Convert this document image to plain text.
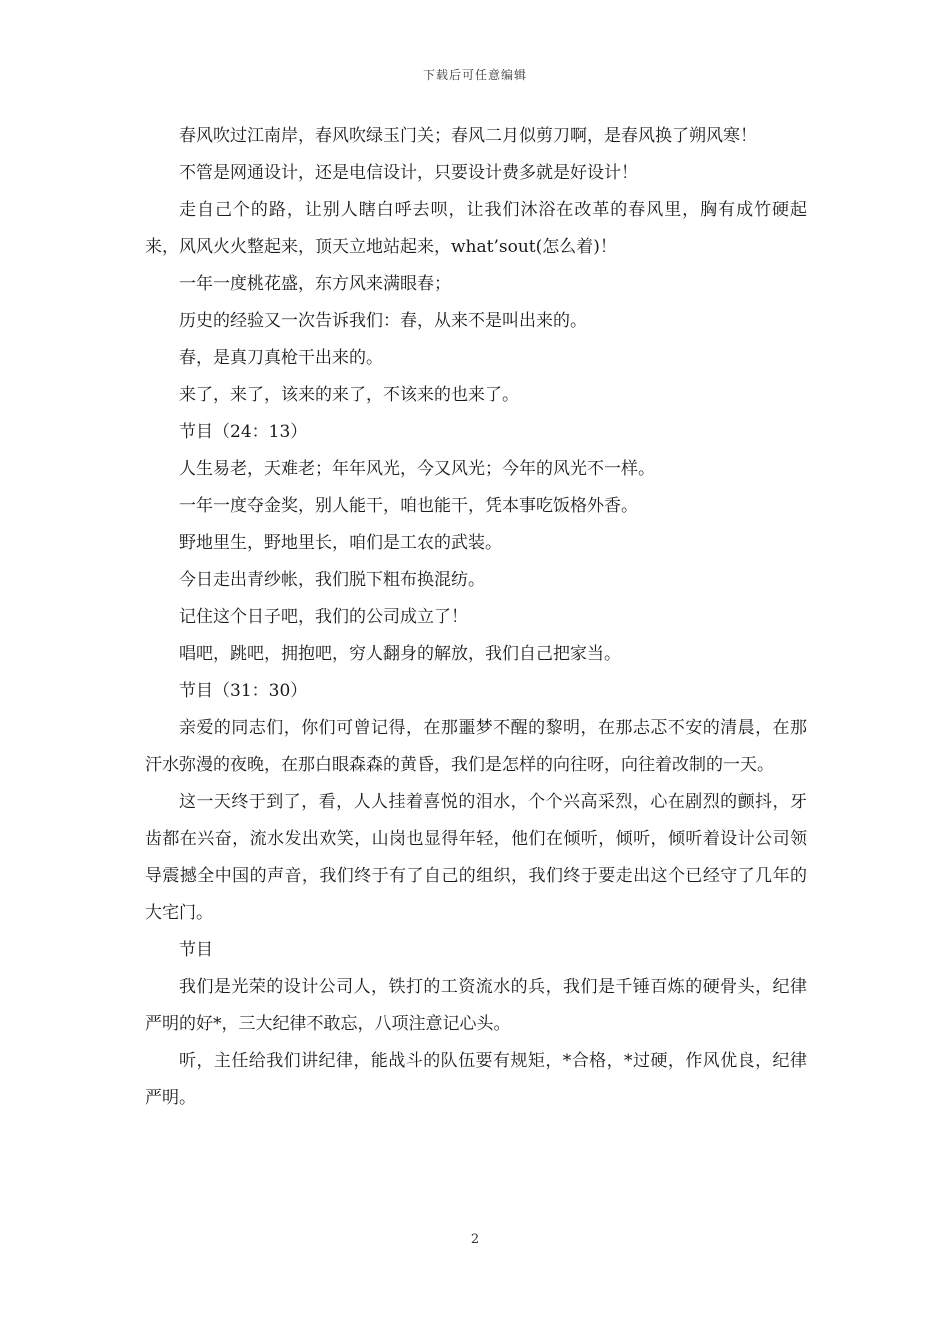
下载后可任意编辑

春风吹过江南岸，春风吹绿玉门关；春风二月似剪刀啊，是春风换了朔风寒！

不管是网通设计，还是电信设计，只要设计费多就是好设计！

走自己个的路，让别人瞎白呼去呗，让我们沐浴在改革的春风里，胸有成竹硬起来，风风火火整起来，顶天立地站起来，what’sout(怎么着)！

一年一度桃花盛，东方风来满眼春；

历史的经验又一次告诉我们：春，从来不是叫出来的。

春，是真刀真枪干出来的。

来了，来了，该来的来了，不该来的也来了。

节目（24：13）

人生易老，天难老；年年风光，今又风光；今年的风光不一样。

一年一度夺金奖，别人能干，咱也能干，凭本事吃饭格外香。

野地里生，野地里长，咱们是工农的武装。

今日走出青纱帐，我们脱下粗布换混纺。

记住这个日子吧，我们的公司成立了！

唱吧，跳吧，拥抱吧，穷人翻身的解放，我们自己把家当。

节目（31：30）

亲爱的同志们，你们可曾记得，在那噩梦不醒的黎明，在那忐忑不安的清晨，在那汗水弥漫的夜晚，在那白眼森森的黄昏，我们是怎样的向往呀，向往着改制的一天。

这一天终于到了，看，人人挂着喜悦的泪水，个个兴高采烈，心在剧烈的颤抖，牙齿都在兴奋，流水发出欢笑，山岗也显得年轻，他们在倾听，倾听，倾听着设计公司领导震撼全中国的声音，我们终于有了自己的组织，我们终于要走出这个已经守了几年的大宅门。

节目

我们是光荣的设计公司人，铁打的工资流水的兵，我们是千锤百炼的硬骨头，纪律严明的好*，三大纪律不敢忘，八项注意记心头。

听，主任给我们讲纪律，能战斗的队伍要有规矩，*合格，*过硬，作风优良，纪律严明。

2
